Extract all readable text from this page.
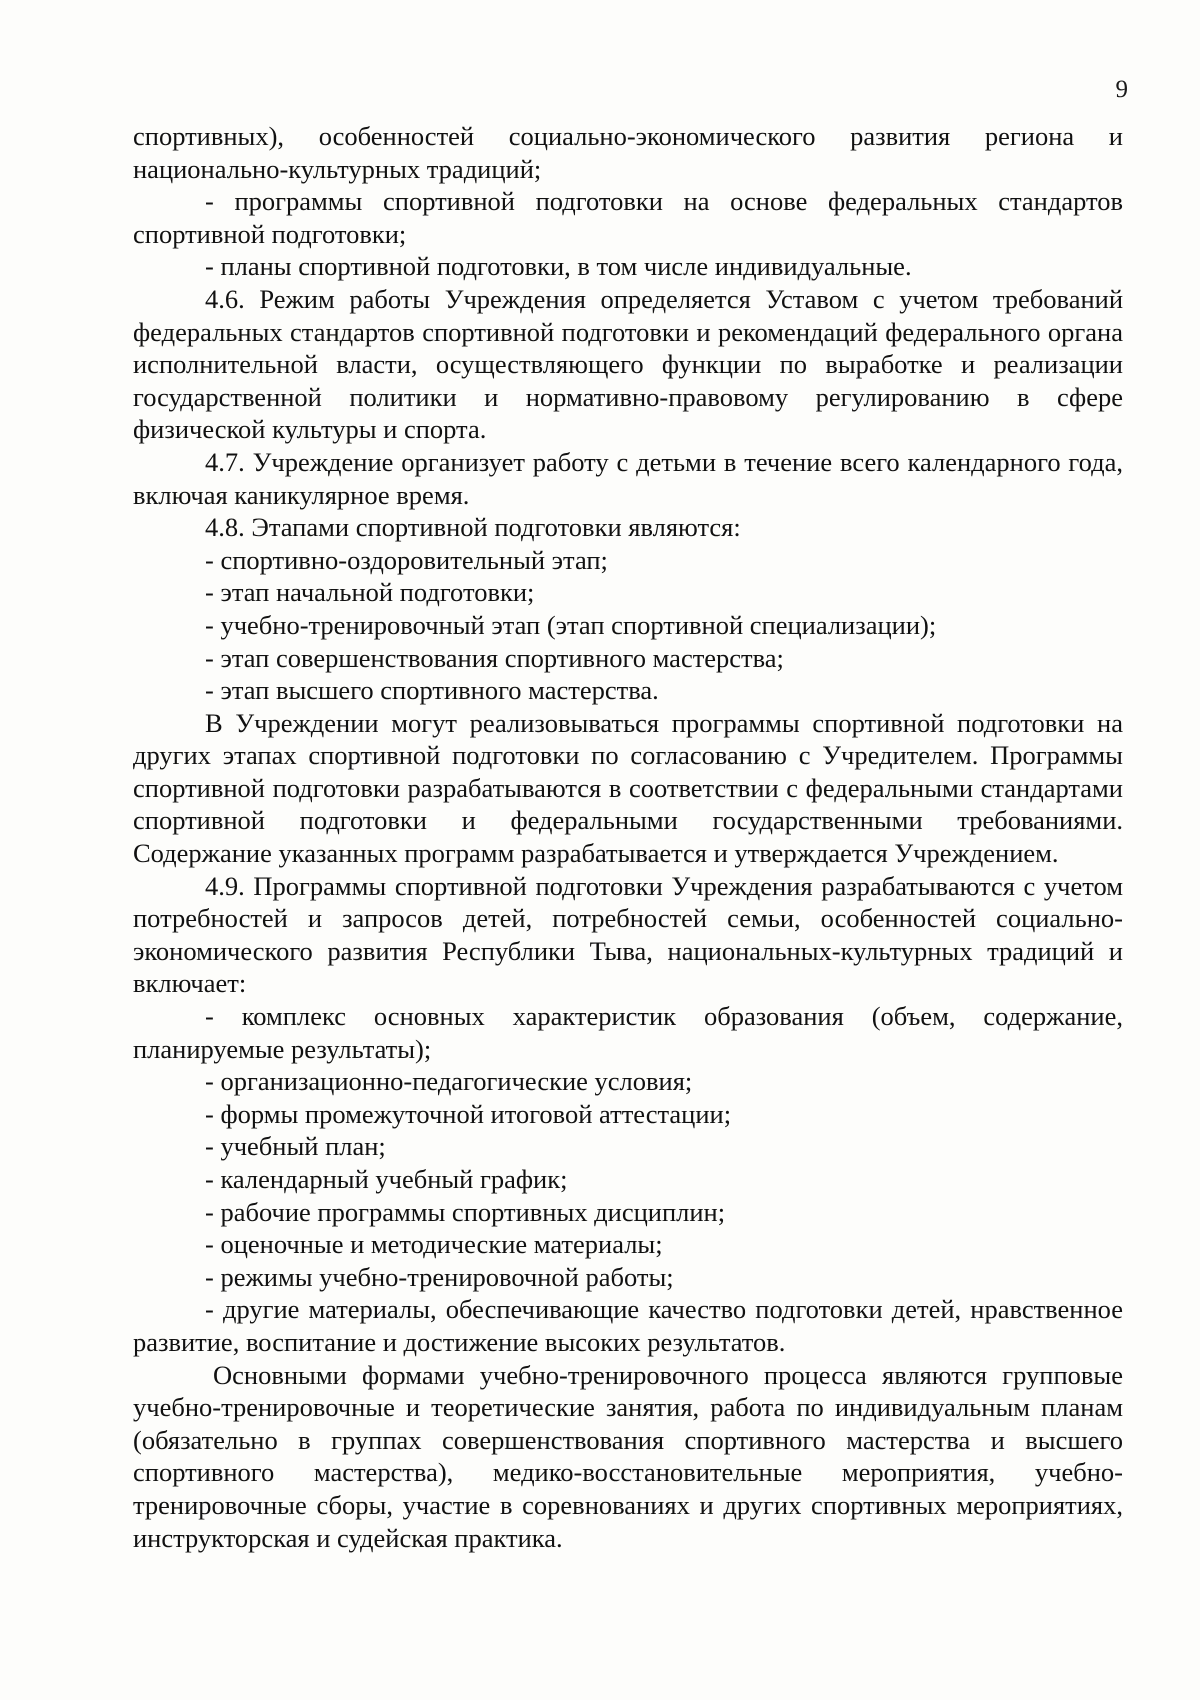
9

спортивных), особенностей социально-экономического развития региона и национально-культурных традиций;

- программы спортивной подготовки на основе федеральных стандартов спортивной подготовки;

- планы спортивной подготовки, в том числе индивидуальные.

4.6. Режим работы Учреждения определяется Уставом с учетом требований федеральных стандартов спортивной подготовки и рекомендаций федерального органа исполнительной власти, осуществляющего функции по выработке и реализации государственной политики и нормативно-правовому регулированию в сфере физической культуры и спорта.

4.7. Учреждение организует работу с детьми в течение всего календарного года, включая каникулярное время.

4.8. Этапами спортивной подготовки являются:

- спортивно-оздоровительный этап;

- этап начальной подготовки;

- учебно-тренировочный этап (этап спортивной специализации);

- этап совершенствования спортивного мастерства;

- этап высшего спортивного мастерства.

В Учреждении могут реализовываться программы спортивной подготовки на других этапах спортивной подготовки по согласованию с Учредителем. Программы спортивной подготовки разрабатываются в соответствии с федеральными стандартами спортивной подготовки и федеральными государственными требованиями. Содержание указанных программ разрабатывается и утверждается Учреждением.

4.9. Программы спортивной подготовки Учреждения разрабатываются с учетом потребностей и запросов детей, потребностей семьи, особенностей социально-экономического развития Республики Тыва, национальных-культурных традиций и включает:

- комплекс основных характеристик образования (объем, содержание, планируемые результаты);

- организационно-педагогические условия;

- формы промежуточной итоговой аттестации;

- учебный план;

- календарный учебный график;

- рабочие программы спортивных дисциплин;

- оценочные и методические материалы;

- режимы учебно-тренировочной работы;

- другие материалы, обеспечивающие качество подготовки детей, нравственное развитие, воспитание и достижение высоких результатов.

Основными формами учебно-тренировочного процесса являются групповые учебно-тренировочные и теоретические занятия, работа по индивидуальным планам (обязательно в группах совершенствования спортивного мастерства и высшего спортивного мастерства), медико-восстановительные мероприятия, учебно-тренировочные сборы, участие в соревнованиях и других спортивных мероприятиях, инструкторская и судейская практика.
